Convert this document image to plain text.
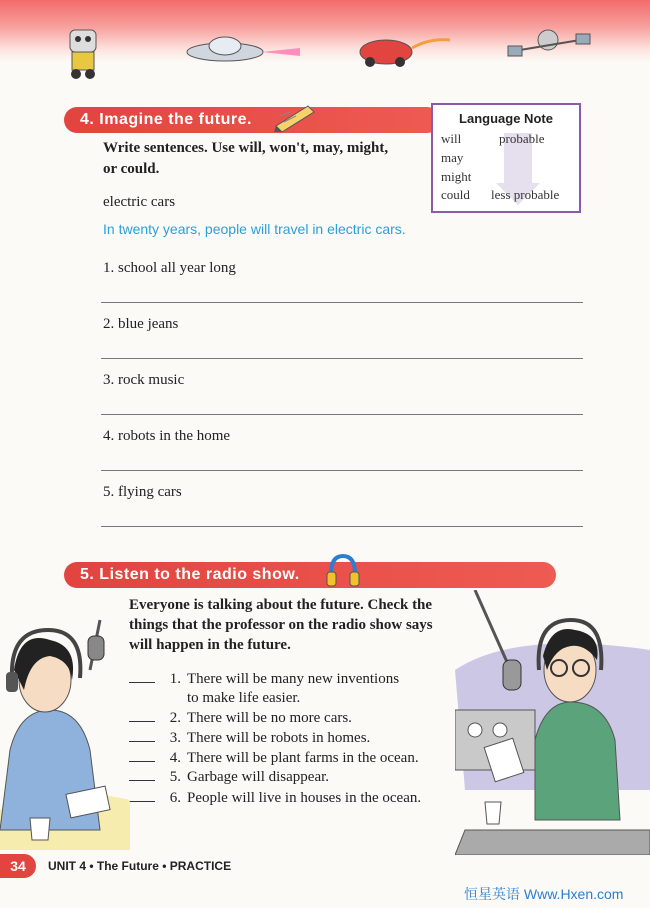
4. Imagine the future.	Language Note
will	probable
may
might
could less probable
Write sentences. Use will, won't, may, might, or could.
electric cars
In twenty years, people will travel in electric cars.
1. school all year long
2. blue jeans
3. rock music
4. robots in the home
5. flying cars
5. Listen to the radio show.
Everyone is talking about the future. Check the things that the professor on the radio show says will happen in the future.
1. There will be many new inventions
to make life easier.
2. There will be no more cars.
3. There will be robots in homes.
4. There will be plant farms in the ocean.
5. Garbage will disappear.
6. People will live in houses in the ocean.
34	UNIT 4 • The Future • PRACTICE
恒星英语 Www.Hxen.com
